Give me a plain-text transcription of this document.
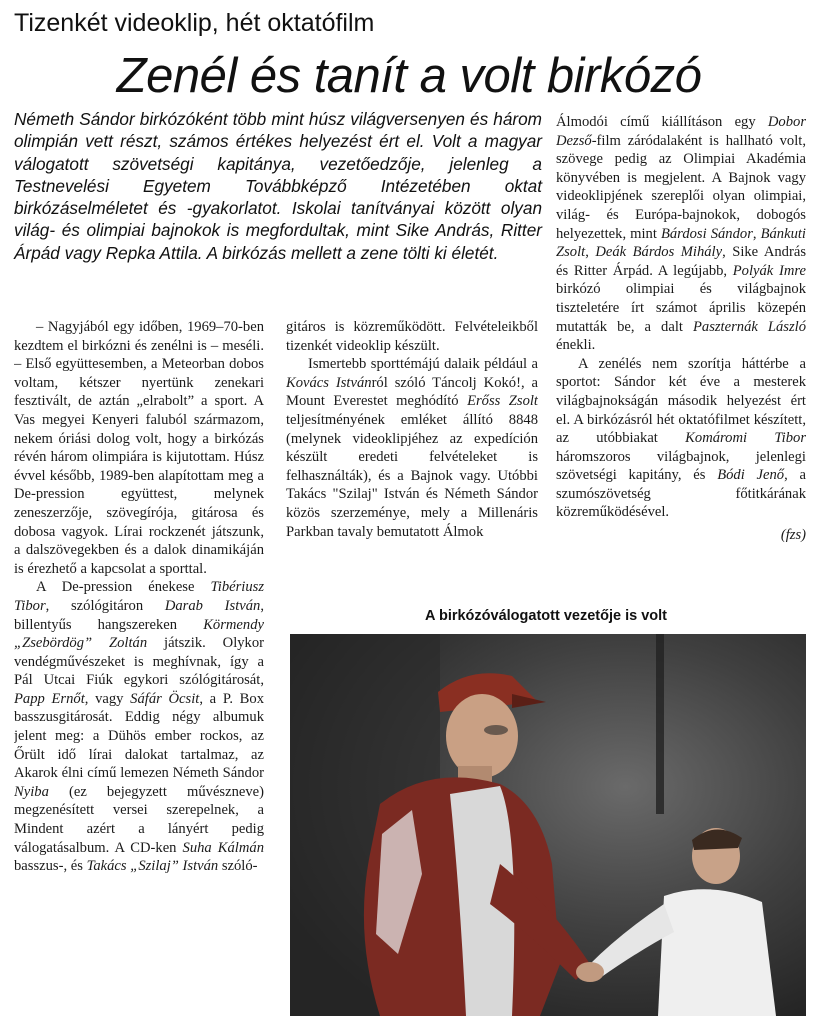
Tizenkét videoklip, hét oktatófilm
Zenél és tanít a volt birkózó
Németh Sándor birkózóként több mint húsz világversenyen és három olimpián vett részt, számos értékes helyezést ért el. Volt a magyar válogatott szövetségi kapitánya, vezetőedzője, jelenleg a Testnevelési Egyetem Továbbképző Intézetében oktat birkózáselméletet és -gyakorlatot. Iskolai tanítványai között olyan világ- és olimpiai bajnokok is megfordultak, mint Sike András, Ritter Árpád vagy Repka Attila. A birkózás mellett a zene tölti ki életét.

– Nagyjából egy időben, 1969–70-ben kezdtem el birkózni és zenélni is – meséli. – Első együttesemben, a Meteorban dobos voltam, kétszer nyertünk zenekari fesztivált, de aztán „elrabolt” a sport. A Vas megyei Kenyeri faluból származom, nekem óriási dolog volt, hogy a birkózás révén három olimpiára is kijutottam. Húsz évvel később, 1989-ben alapítottam meg a De-pression együttest, melynek zeneszerzője, szövegírója, gitárosa és dobosa vagyok. Lírai rockzenét játszunk, a dalszövegekben és a dalok dinamikáján is érezhető a kapcsolat a sporttal.

A De-pression énekese Tibériusz Tibor, szólógitáron Darab István, billentyűs hangszereken Körmendy „Zsebördög” Zoltán játszik. Olykor vendégművészeket is meghívnak, így a Pál Utcai Fiúk egykori szólógitárosát, Papp Ernőt, vagy Sáfár Öcsit, a P. Box basszusgitárosát. Eddig négy albumuk jelent meg: a Dühös ember rockos, az Őrült idő lírai dalokat tartalmaz, az Akarok élni című lemezen Németh Sándor Nyiba (ez bejegyzett művészneve) megzenésített versei szerepelnek, a Mindent azért a lányért pedig válogatásalbum. A CD-ken Suha Kálmán basszus-, és Takács „Szilaj” István szóló-

gitáros is közreműködött. Felvételeikből tizenkét videoklip készült.

Ismertebb sporttémájú dalaik például a Kovács Istvánról szóló Táncolj Kokó!, a Mount Everestet meghódító Erőss Zsolt teljesítményének emléket állító 8848 (melynek videoklipjéhez az expedíción készült eredeti felvételeket is felhasználták), és a Bajnok vagy. Utóbbi Takács "Szilaj" István és Németh Sándor közös szerzeménye, mely a Millenáris Parkban tavaly bemutatott Álmok

Álmodói című kiállításon egy Dobor Dezső-film záródalaként is hallható volt, szövege pedig az Olimpiai Akadémia könyvében is megjelent. A Bajnok vagy videoklipjének szereplői olyan olimpiai, világ- és Európa-bajnokok, dobogós helyezettek, mint Bárdosi Sándor, Bánkuti Zsolt, Deák Bárdos Mihály, Sike András és Ritter Árpád. A legújabb, Polyák Imre birkózó olimpiai és világbajnok tiszteletére írt számot április közepén mutatták be, a dalt Paszternák László énekli.

A zenélés nem szorítja háttérbe a sportot: Sándor két éve a mesterek világbajnokságán második helyezést ért el. A birkózásról hét oktatófilmet készített, az utóbbiakat Komáromi Tibor háromszoros világbajnok, jelenlegi szövetségi kapitány, és Bódi Jenő, a szumószövetség főtitkárának közreműködésével.

(fzs)
A birkózóválogatott vezetője is volt
